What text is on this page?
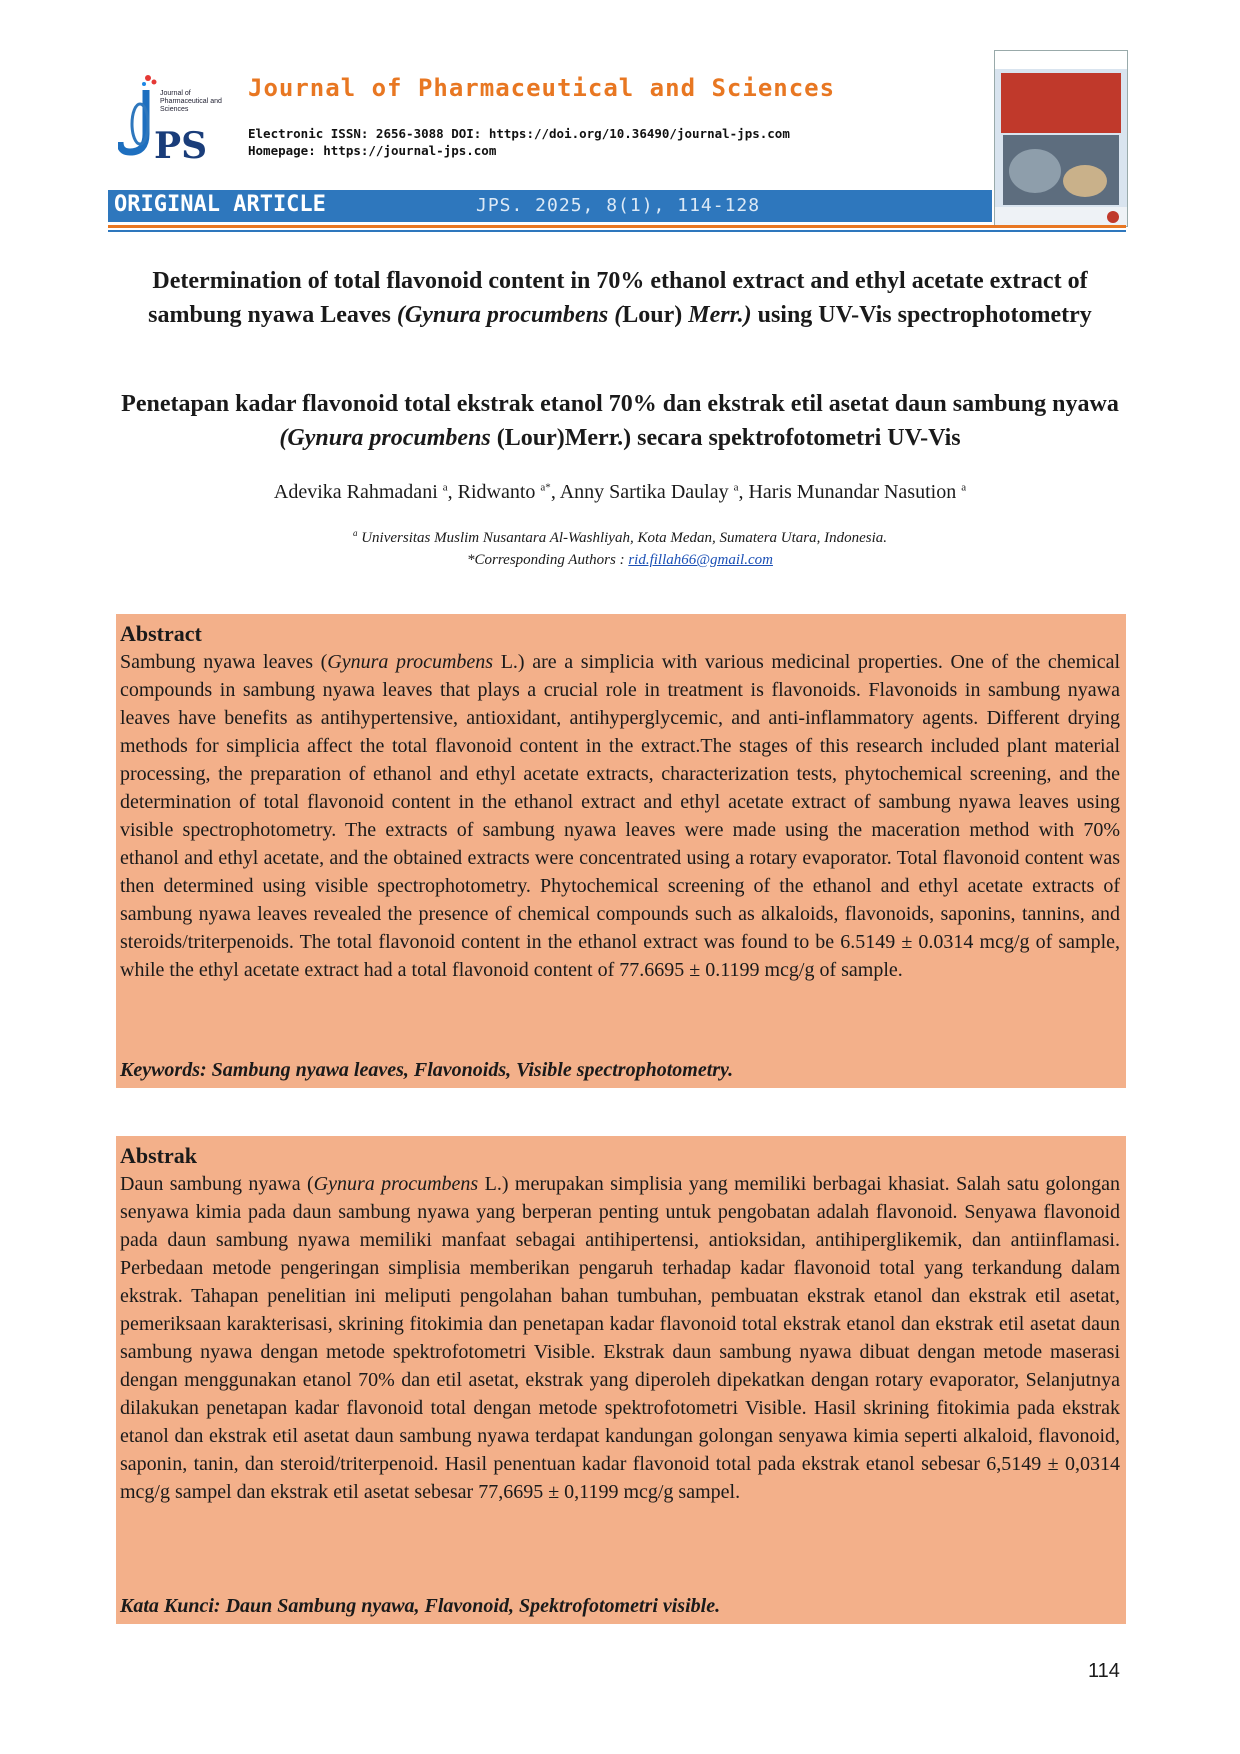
PS
Journal of Pharmaceutical and Sciences
Journal of Pharmaceutical and Sciences
Electronic ISSN: 2656-3088 DOI: https://doi.org/10.36490/journal-jps.com
Homepage: https://journal-jps.com
ORIGINAL ARTICLE	JPS. 2025, 8(1), 114-128
Determination of total flavonoid content in 70% ethanol extract and ethyl acetate extract of sambung nyawa Leaves (Gynura procumbens (Lour) Merr.) using UV-Vis spectrophotometry
Penetapan kadar flavonoid total ekstrak etanol 70% dan ekstrak etil asetat daun sambung nyawa (Gynura procumbens (Lour)Merr.) secara spektrofotometri UV-Vis
Adevika Rahmadani $^a$, Ridwanto $^{a*}$, Anny Sartika Daulay $^a$, Haris Munandar Nasution $^a$
$^a$ Universitas Muslim Nusantara Al-Washliyah, Kota Medan, Sumatera Utara, Indonesia.
*Corresponding Authors : rid.fillah66@gmail.com
Abstract

Sambung nyawa leaves (Gynura procumbens L.) are a simplicia with various medicinal properties. One of the chemical compounds in sambung nyawa leaves that plays a crucial role in treatment is flavonoids. Flavonoids in sambung nyawa leaves have benefits as antihypertensive, antioxidant, antihyperglycemic, and anti-inflammatory agents. Different drying methods for simplicia affect the total flavonoid content in the extract.The stages of this research included plant material processing, the preparation of ethanol and ethyl acetate extracts, characterization tests, phytochemical screening, and the determination of total flavonoid content in the ethanol extract and ethyl acetate extract of sambung nyawa leaves using visible spectrophotometry. The extracts of sambung nyawa leaves were made using the maceration method with 70% ethanol and ethyl acetate, and the obtained extracts were concentrated using a rotary evaporator. Total flavonoid content was then determined using visible spectrophotometry. Phytochemical screening of the ethanol and ethyl acetate extracts of sambung nyawa leaves revealed the presence of chemical compounds such as alkaloids, flavonoids, saponins, tannins, and steroids/triterpenoids. The total flavonoid content in the ethanol extract was found to be 6.5149 ± 0.0314 mcg/g of sample, while the ethyl acetate extract had a total flavonoid content of 77.6695 ± 0.1199 mcg/g of sample.

Keywords: Sambung nyawa leaves, Flavonoids, Visible spectrophotometry.

Abstrak

Daun sambung nyawa (Gynura procumbens L.) merupakan simplisia yang memiliki berbagai khasiat. Salah satu golongan senyawa kimia pada daun sambung nyawa yang berperan penting untuk pengobatan adalah flavonoid. Senyawa flavonoid pada daun sambung nyawa memiliki manfaat sebagai antihipertensi, antioksidan, antihiperglikemik, dan antiinflamasi. Perbedaan metode pengeringan simplisia memberikan pengaruh terhadap kadar flavonoid total yang terkandung dalam ekstrak. Tahapan penelitian ini meliputi pengolahan bahan tumbuhan, pembuatan ekstrak etanol dan ekstrak etil asetat, pemeriksaan karakterisasi, skrining fitokimia dan penetapan kadar flavonoid total ekstrak etanol dan ekstrak etil asetat daun sambung nyawa dengan metode spektrofotometri Visible. Ekstrak daun sambung nyawa dibuat dengan metode maserasi dengan menggunakan etanol 70% dan etil asetat, ekstrak yang diperoleh dipekatkan dengan rotary evaporator, Selanjutnya dilakukan penetapan kadar flavonoid total dengan metode spektrofotometri Visible. Hasil skrining fitokimia pada ekstrak etanol dan ekstrak etil asetat daun sambung nyawa terdapat kandungan golongan senyawa kimia seperti alkaloid, flavonoid, saponin, tanin, dan steroid/triterpenoid. Hasil penentuan kadar flavonoid total pada ekstrak etanol sebesar 6,5149 ± 0,0314 mcg/g sampel dan ekstrak etil asetat sebesar 77,6695 ± 0,1199 mcg/g sampel.

Kata Kunci: Daun Sambung nyawa, Flavonoid, Spektrofotometri visible.

114
